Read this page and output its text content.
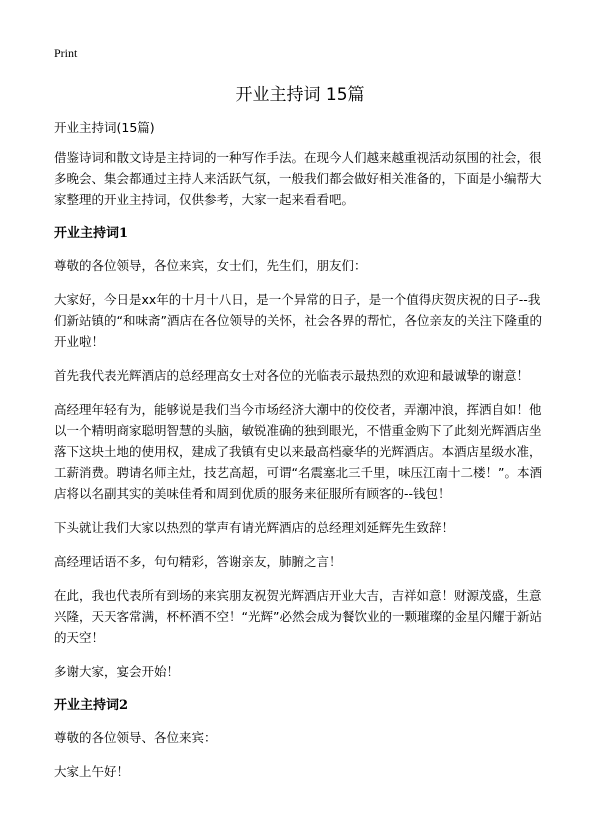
Print
开业主持词 15篇

开业主持词(15篇)

借鉴诗词和散文诗是主持词的一种写作手法。在现今人们越来越重视活动氛围的社会，很多晚会、集会都通过主持人来活跃气氛，一般我们都会做好相关准备的，下面是小编帮大家整理的开业主持词，仅供参考，大家一起来看看吧。

开业主持词1

尊敬的各位领导，各位来宾，女士们，先生们，朋友们：

大家好，今日是xx年的十月十八日，是一个异常的日子，是一个值得庆贺庆祝的日子--我们新站镇的“和味斋”酒店在各位领导的关怀，社会各界的帮忙，各位亲友的关注下隆重的开业啦！

首先我代表光辉酒店的总经理高女士对各位的光临表示最热烈的欢迎和最诚挚的谢意！

高经理年轻有为，能够说是我们当今市场经济大潮中的佼佼者，弄潮冲浪，挥洒自如！他以一个精明商家聪明智慧的头脑，敏锐准确的独到眼光，不惜重金购下了此刻光辉酒店坐落下这块土地的使用权，建成了我镇有史以来最高档豪华的光辉酒店。本酒店星级水准，工薪消费。聘请名师主灶，技艺高超，可谓“名震塞北三千里，味压江南十二楼！”。本酒店将以名副其实的美味佳肴和周到优质的服务来征服所有顾客的--钱包！

下头就让我们大家以热烈的掌声有请光辉酒店的总经理刘延辉先生致辞！

高经理话语不多，句句精彩，答谢亲友，肺腑之言！

在此，我也代表所有到场的来宾朋友祝贺光辉酒店开业大吉，吉祥如意！财源茂盛，生意兴隆，天天客常满，杯杯酒不空！“光辉”必然会成为餐饮业的一颗璀璨的金星闪耀于新站的天空！

多谢大家，宴会开始！

开业主持词2

尊敬的各位领导、各位来宾：

大家上午好！
